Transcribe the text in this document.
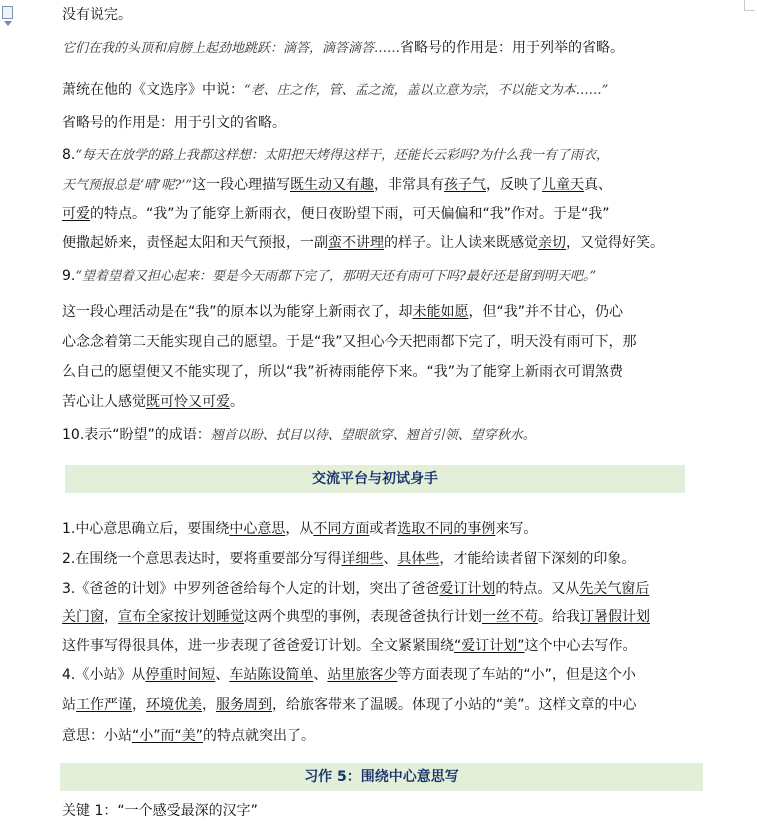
没有说完。
它们在我的头顶和肩膀上起劲地跳跃：滴答，滴答滴答……省略号的作用是：用于列举的省略。
萧统在他的《文选序》中说：“老、庄之作，管、孟之流，盖以立意为宗，不以能文为本……”
省略号的作用是：用于引文的省略。
8.“每天在放学的路上我都这样想：太阳把天烤得这样干，还能长云彩吗?为什么我一有了雨衣，
天气预报总是‘晴’呢?’”这一段心理描写既生动又有趣，非常具有孩子气，反映了儿童天真、
可爱的特点。“我”为了能穿上新雨衣，便日夜盼望下雨，可天偏偏和“我”作对。于是“我”
便撒起娇来，责怪起太阳和天气预报，一副蛮不讲理的样子。让人读来既感觉亲切，又觉得好笑。
9.“望着望着又担心起来：要是今天雨都下完了，那明天还有雨可下吗?最好还是留到明天吧。”
这一段心理活动是在“我”的原本以为能穿上新雨衣了，却未能如愿，但“我”并不甘心，仍心
心念念着第二天能实现自己的愿望。于是“我”又担心今天把雨都下完了，明天没有雨可下，那
么自己的愿望便又不能实现了，所以“我”祈祷雨能停下来。“我”为了能穿上新雨衣可谓煞费
苦心让人感觉既可怜又可爱。
10.表示“盼望”的成语：翘首以盼、拭目以待、望眼欲穿、翘首引领、望穿秋水。
交流平台与初试身手
1.中心意思确立后，要围绕中心意思，从不同方面或者选取不同的事例来写。
2.在围绕一个意思表达时，要将重要部分写得详细些、具体些，才能给读者留下深刻的印象。
3.《爸爸的计划》中罗列爸爸给每个人定的计划，突出了爸爸爱订计划的特点。又从先关气窗后
关门窗，宣布全家按计划睡觉这两个典型的事例，表现爸爸执行计划一丝不苟。给我订暑假计划
这件事写得很具体，进一步表现了爸爸爱订计划。全文紧紧围绕“爱订计划”这个中心去写作。
4.《小站》从停重时间短、车站陈设简单、站里旅客少等方面表现了车站的“小”，但是这个小
站工作严谨，环境优美，服务周到，给旅客带来了温暖。体现了小站的“美”。这样文章的中心
意思：小站“小”而“美”的特点就突出了。
习作 5：围绕中心意思写
关键 1：“一个感受最深的汉字”
